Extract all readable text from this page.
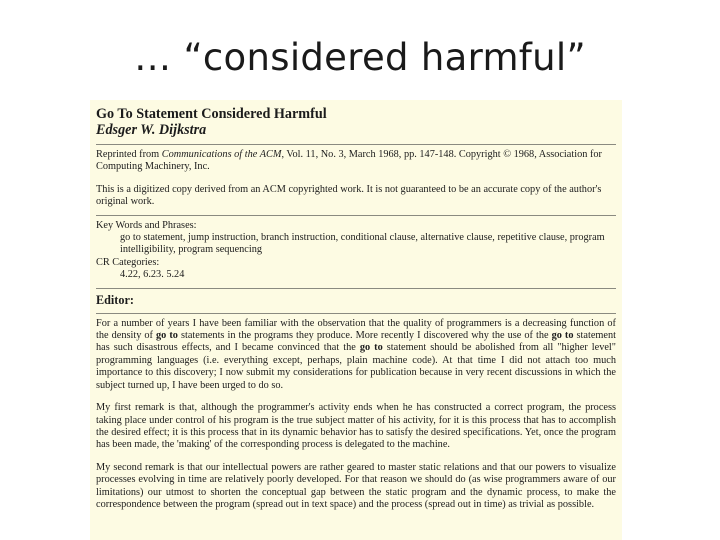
… “considered harmful”
Go To Statement Considered Harmful
Edsger W. Dijkstra

Reprinted from Communications of the ACM, Vol. 11, No. 3, March 1968, pp. 147-148. Copyright © 1968, Association for Computing Machinery, Inc.

This is a digitized copy derived from an ACM copyrighted work. It is not guaranteed to be an accurate copy of the author's original work.

Key Words and Phrases:

go to statement, jump instruction, branch instruction, conditional clause, alternative clause, repetitive clause, program intelligibility, program sequencing

CR Categories:

4.22, 6.23. 5.24

Editor:

For a number of years I have been familiar with the observation that the quality of programmers is a decreasing function of the density of go to statements in the programs they produce. More recently I discovered why the use of the go to statement has such disastrous effects, and I became convinced that the go to statement should be abolished from all "higher level" programming languages (i.e. everything except, perhaps, plain machine code). At that time I did not attach too much importance to this discovery; I now submit my considerations for publication because in very recent discussions in which the subject turned up, I have been urged to do so.

My first remark is that, although the programmer's activity ends when he has constructed a correct program, the process taking place under control of his program is the true subject matter of his activity, for it is this process that has to accomplish the desired effect; it is this process that in its dynamic behavior has to satisfy the desired specifications. Yet, once the program has been made, the 'making' of the corresponding process is delegated to the machine.

My second remark is that our intellectual powers are rather geared to master static relations and that our powers to visualize processes evolving in time are relatively poorly developed. For that reason we should do (as wise programmers aware of our limitations) our utmost to shorten the conceptual gap between the static program and the dynamic process, to make the correspondence between the program (spread out in text space) and the process (spread out in time) as trivial as possible.
